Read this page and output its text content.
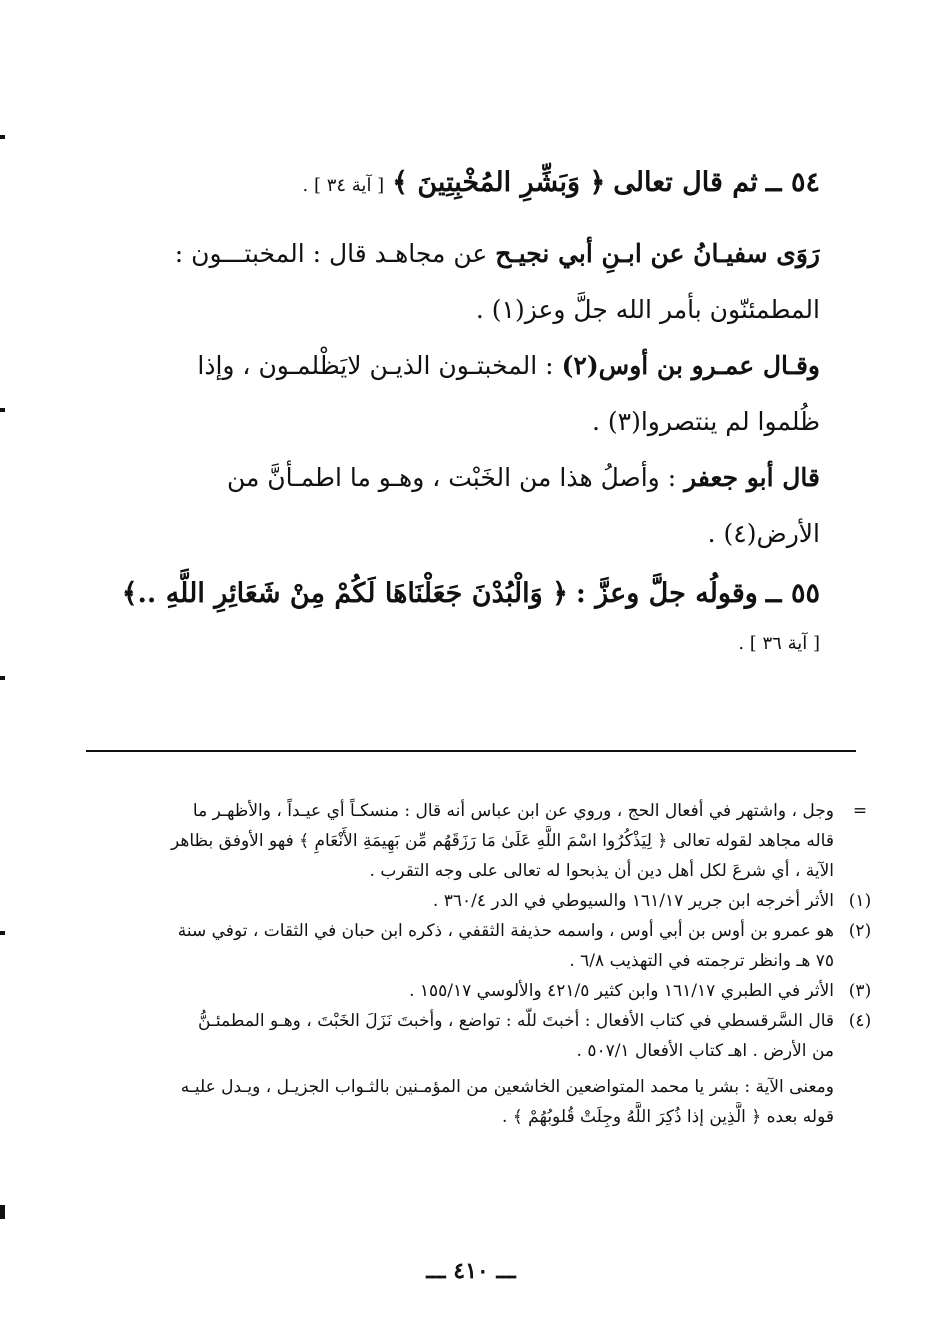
٥٤ ــ ثم قال تعالى ﴿ وَبَشِّرِ المُخْبِتِينَ ﴾ [ آية ٣٤ ] .
رَوَى سفيـانُ عن ابـنِ أبي نجيـح عن مجاهـد قال : المخبتـــون :
المطمئنّون بأمر الله جلَّ وعز(١) .
وقـال عمـرو بن أوس(٢) : المخبتـون الذيـن لايَظْلمـون ، وإذا
ظُلموا لم ينتصروا(٣) .
قال أبو جعفر : وأصلُ هذا من الخَبْت ، وهـو ما اطمـأنَّ من
الأرض(٤) .
٥٥ ــ وقولُه جلَّ وعزَّ : ﴿ وَالْبُدْنَ جَعَلْنَاهَا لَكُمْ مِنْ شَعَائِرِ اللَّهِ ..﴾
[ آية ٣٦ ] .
=
وجل ، واشتهر في أفعال الحج ، وروي عن ابن عباس أنه قال : منسكـاً أي عيـداً ، والأظهـر ما
قاله مجاهد لقوله تعالى ﴿ لِيَذْكُرُوا اسْمَ اللَّهِ عَلَىٰ مَا رَزَقَهُم مِّن بَهِيمَةِ الأَنْعَامِ ﴾ فهو الأوفق بظاهر
الآية ، أي شرعَ لكل أهل دين أن يذبحوا له تعالى على وجه التقرب .
(١)
الأثر أخرجه ابن جرير ١٦١/١٧ والسيوطي في الدر ٣٦٠/٤ .
(٢)
هو عمرو بن أوس بن أبي أوس ، واسمه حذيفة الثقفي ، ذكره ابن حبان في الثقات ، توفي سنة
٧٥ هـ وانظر ترجمته في التهذيب ٦/٨ .
(٣)
الأثر في الطبري ١٦١/١٧ وابن كثير ٤٢١/٥ والألوسي ١٥٥/١٧ .
(٤)
قال السَّرقسطي في كتاب الأفعال : أخبتَ للّه : تواضع ، وأخبتَ نَزَلَ الخَبْتَ ، وهـو المطمئـنُّ
من الأرض . اهـ كتاب الأفعال ٥٠٧/١ .
ومعنى الآية : بشر يا محمد المتواضعين الخاشعين من المؤمـنين بالثـواب الجزيـل ، ويـدل عليـه
قوله بعده ﴿ الَّذِين إذا ذُكِرَ اللَّهُ وجِلَتْ قُلوبُهُمْ ﴾ .
ـــ ٤١٠ ـــ
